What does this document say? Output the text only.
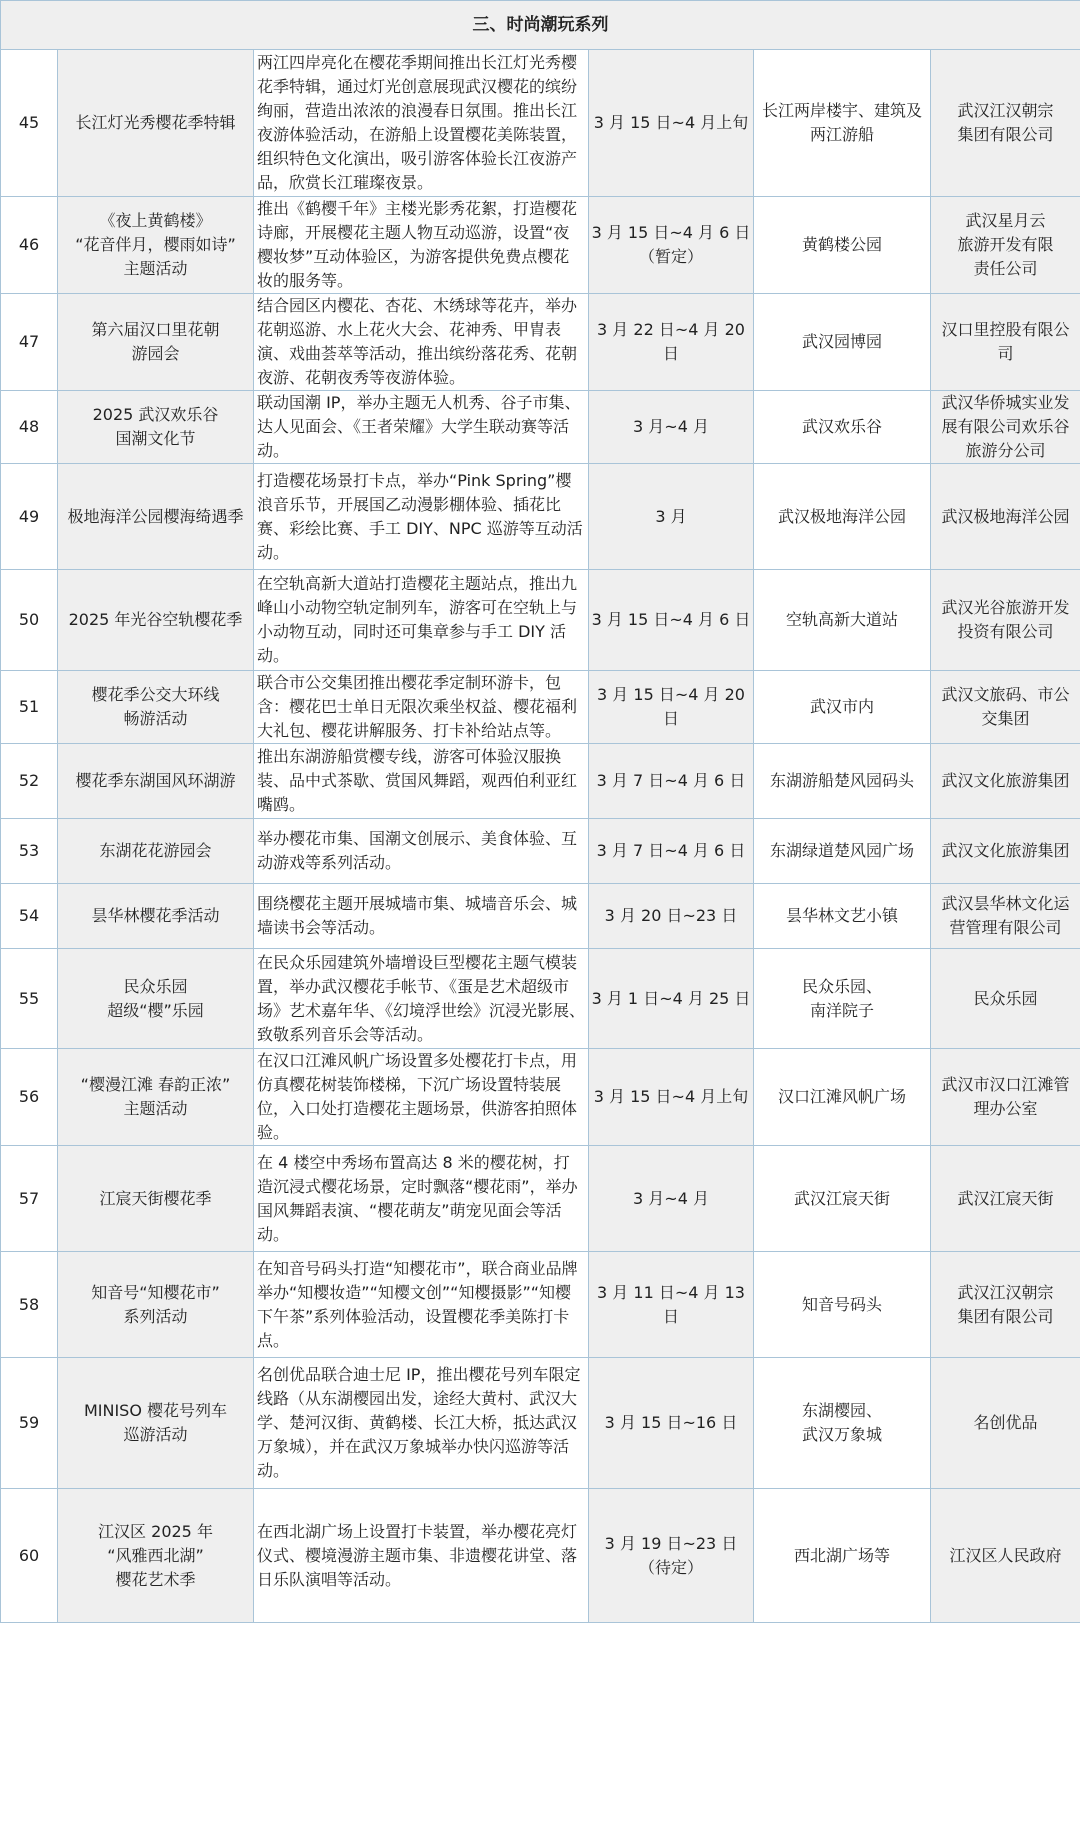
三、时尚潮玩系列					
45	长江灯光秀樱花季特辑	两江四岸亮化在樱花季期间推出长江灯光秀樱花季特辑，通过灯光创意展现武汉樱花的缤纷绚丽，营造出浓浓的浪漫春日氛围。推出长江夜游体验活动，在游船上设置樱花美陈装置，组织特色文化演出，吸引游客体验长江夜游产品，欣赏长江璀璨夜景。	3 月 15 日~4 月上旬	长江两岸楼宇、建筑及
两江游船	武汉江汉朝宗
集团有限公司

46	《夜上黄鹤楼》
“花音伴月，樱雨如诗”
主题活动	推出《鹤樱千年》主楼光影秀花絮，打造樱花诗廊，开展樱花主题人物互动巡游，设置“夜樱妆梦”互动体验区，为游客提供免费点樱花妆的服务等。	3 月 15 日~4 月 6 日
（暂定）	黄鹤楼公园	武汉星月云
旅游开发有限
责任公司

47	第六届汉口里花朝
游园会	结合园区内樱花、杏花、木绣球等花卉，举办花朝巡游、水上花火大会、花神秀、甲胄表演、戏曲荟萃等活动，推出缤纷落花秀、花朝夜游、花朝夜秀等夜游体验。	3 月 22 日~4 月 20 日	武汉园博园	汉口里控股有限公
司

48	2025 武汉欢乐谷
国潮文化节	联动国潮 IP，举办主题无人机秀、谷子市集、达人见面会、《王者荣耀》大学生联动赛等活动。	3 月~4 月	武汉欢乐谷	武汉华侨城实业发
展有限公司欢乐谷
旅游分公司

49	极地海洋公园樱海绮遇季	打造樱花场景打卡点，举办“Pink Spring”樱浪音乐节，开展国乙动漫影棚体验、插花比赛、彩绘比赛、手工 DIY、NPC 巡游等互动活动。	3 月	武汉极地海洋公园	武汉极地海洋公园

50	2025 年光谷空轨樱花季	在空轨高新大道站打造樱花主题站点，推出九峰山小动物空轨定制列车，游客可在空轨上与小动物互动，同时还可集章参与手工 DIY 活动。	3 月 15 日~4 月 6 日	空轨高新大道站	武汉光谷旅游开发
投资有限公司

51	樱花季公交大环线
畅游活动	联合市公交集团推出樱花季定制环游卡，包含：樱花巴士单日无限次乘坐权益、樱花福利大礼包、樱花讲解服务、打卡补给站点等。	3 月 15 日~4 月 20 日	武汉市内	武汉文旅码、市公
交集团

52	樱花季东湖国风环湖游	推出东湖游船赏樱专线，游客可体验汉服换装、品中式茶歇、赏国风舞蹈，观西伯利亚红嘴鸥。	3 月 7 日~4 月 6 日	东湖游船楚风园码头	武汉文化旅游集团

53	东湖花花游园会	举办樱花市集、国潮文创展示、美食体验、互动游戏等系列活动。	3 月 7 日~4 月 6 日	东湖绿道楚风园广场	武汉文化旅游集团

54	昙华林樱花季活动	围绕樱花主题开展城墙市集、城墙音乐会、城墙读书会等活动。	3 月 20 日~23 日	昙华林文艺小镇	武汉昙华林文化运
营管理有限公司

55	民众乐园
超级“樱”乐园	在民众乐园建筑外墙增设巨型樱花主题气模装置，举办武汉樱花手帐节、《蛋是艺术超级市场》艺术嘉年华、《幻境浮世绘》沉浸光影展、致敬系列音乐会等活动。	3 月 1 日~4 月 25 日	民众乐园、
南洋院子	民众乐园

56	“樱漫江滩 春韵正浓”
主题活动	在汉口江滩风帆广场设置多处樱花打卡点，用仿真樱花树装饰楼梯，下沉广场设置特装展位，入口处打造樱花主题场景，供游客拍照体验。	3 月 15 日~4 月上旬	汉口江滩风帆广场	武汉市汉口江滩管
理办公室

57	江宸天街樱花季	在 4 楼空中秀场布置高达 8 米的樱花树，打造沉浸式樱花场景，定时飘落“樱花雨”，举办国风舞蹈表演、“樱花萌友”萌宠见面会等活动。	3 月~4 月	武汉江宸天街	武汉江宸天街

58	知音号“知樱花市”
系列活动	在知音号码头打造“知樱花市”，联合商业品牌举办“知樱妆造”“知樱文创”“知樱摄影”“知樱下午茶”系列体验活动，设置樱花季美陈打卡点。	3 月 11 日~4 月 13 日	知音号码头	武汉江汉朝宗
集团有限公司

59	MINISO 樱花号列车
巡游活动	名创优品联合迪士尼 IP，推出樱花号列车限定线路（从东湖樱园出发，途经大黄村、武汉大学、楚河汉街、黄鹤楼、长江大桥，抵达武汉万象城），并在武汉万象城举办快闪巡游等活动。	3 月 15 日~16 日	东湖樱园、
武汉万象城	名创优品

60	江汉区 2025 年
“风雅西北湖”
樱花艺术季	在西北湖广场上设置打卡装置，举办樱花亮灯仪式、樱境漫游主题市集、非遗樱花讲堂、落日乐队演唱等活动。	3 月 19 日~23 日
（待定）	西北湖广场等	江汉区人民政府
